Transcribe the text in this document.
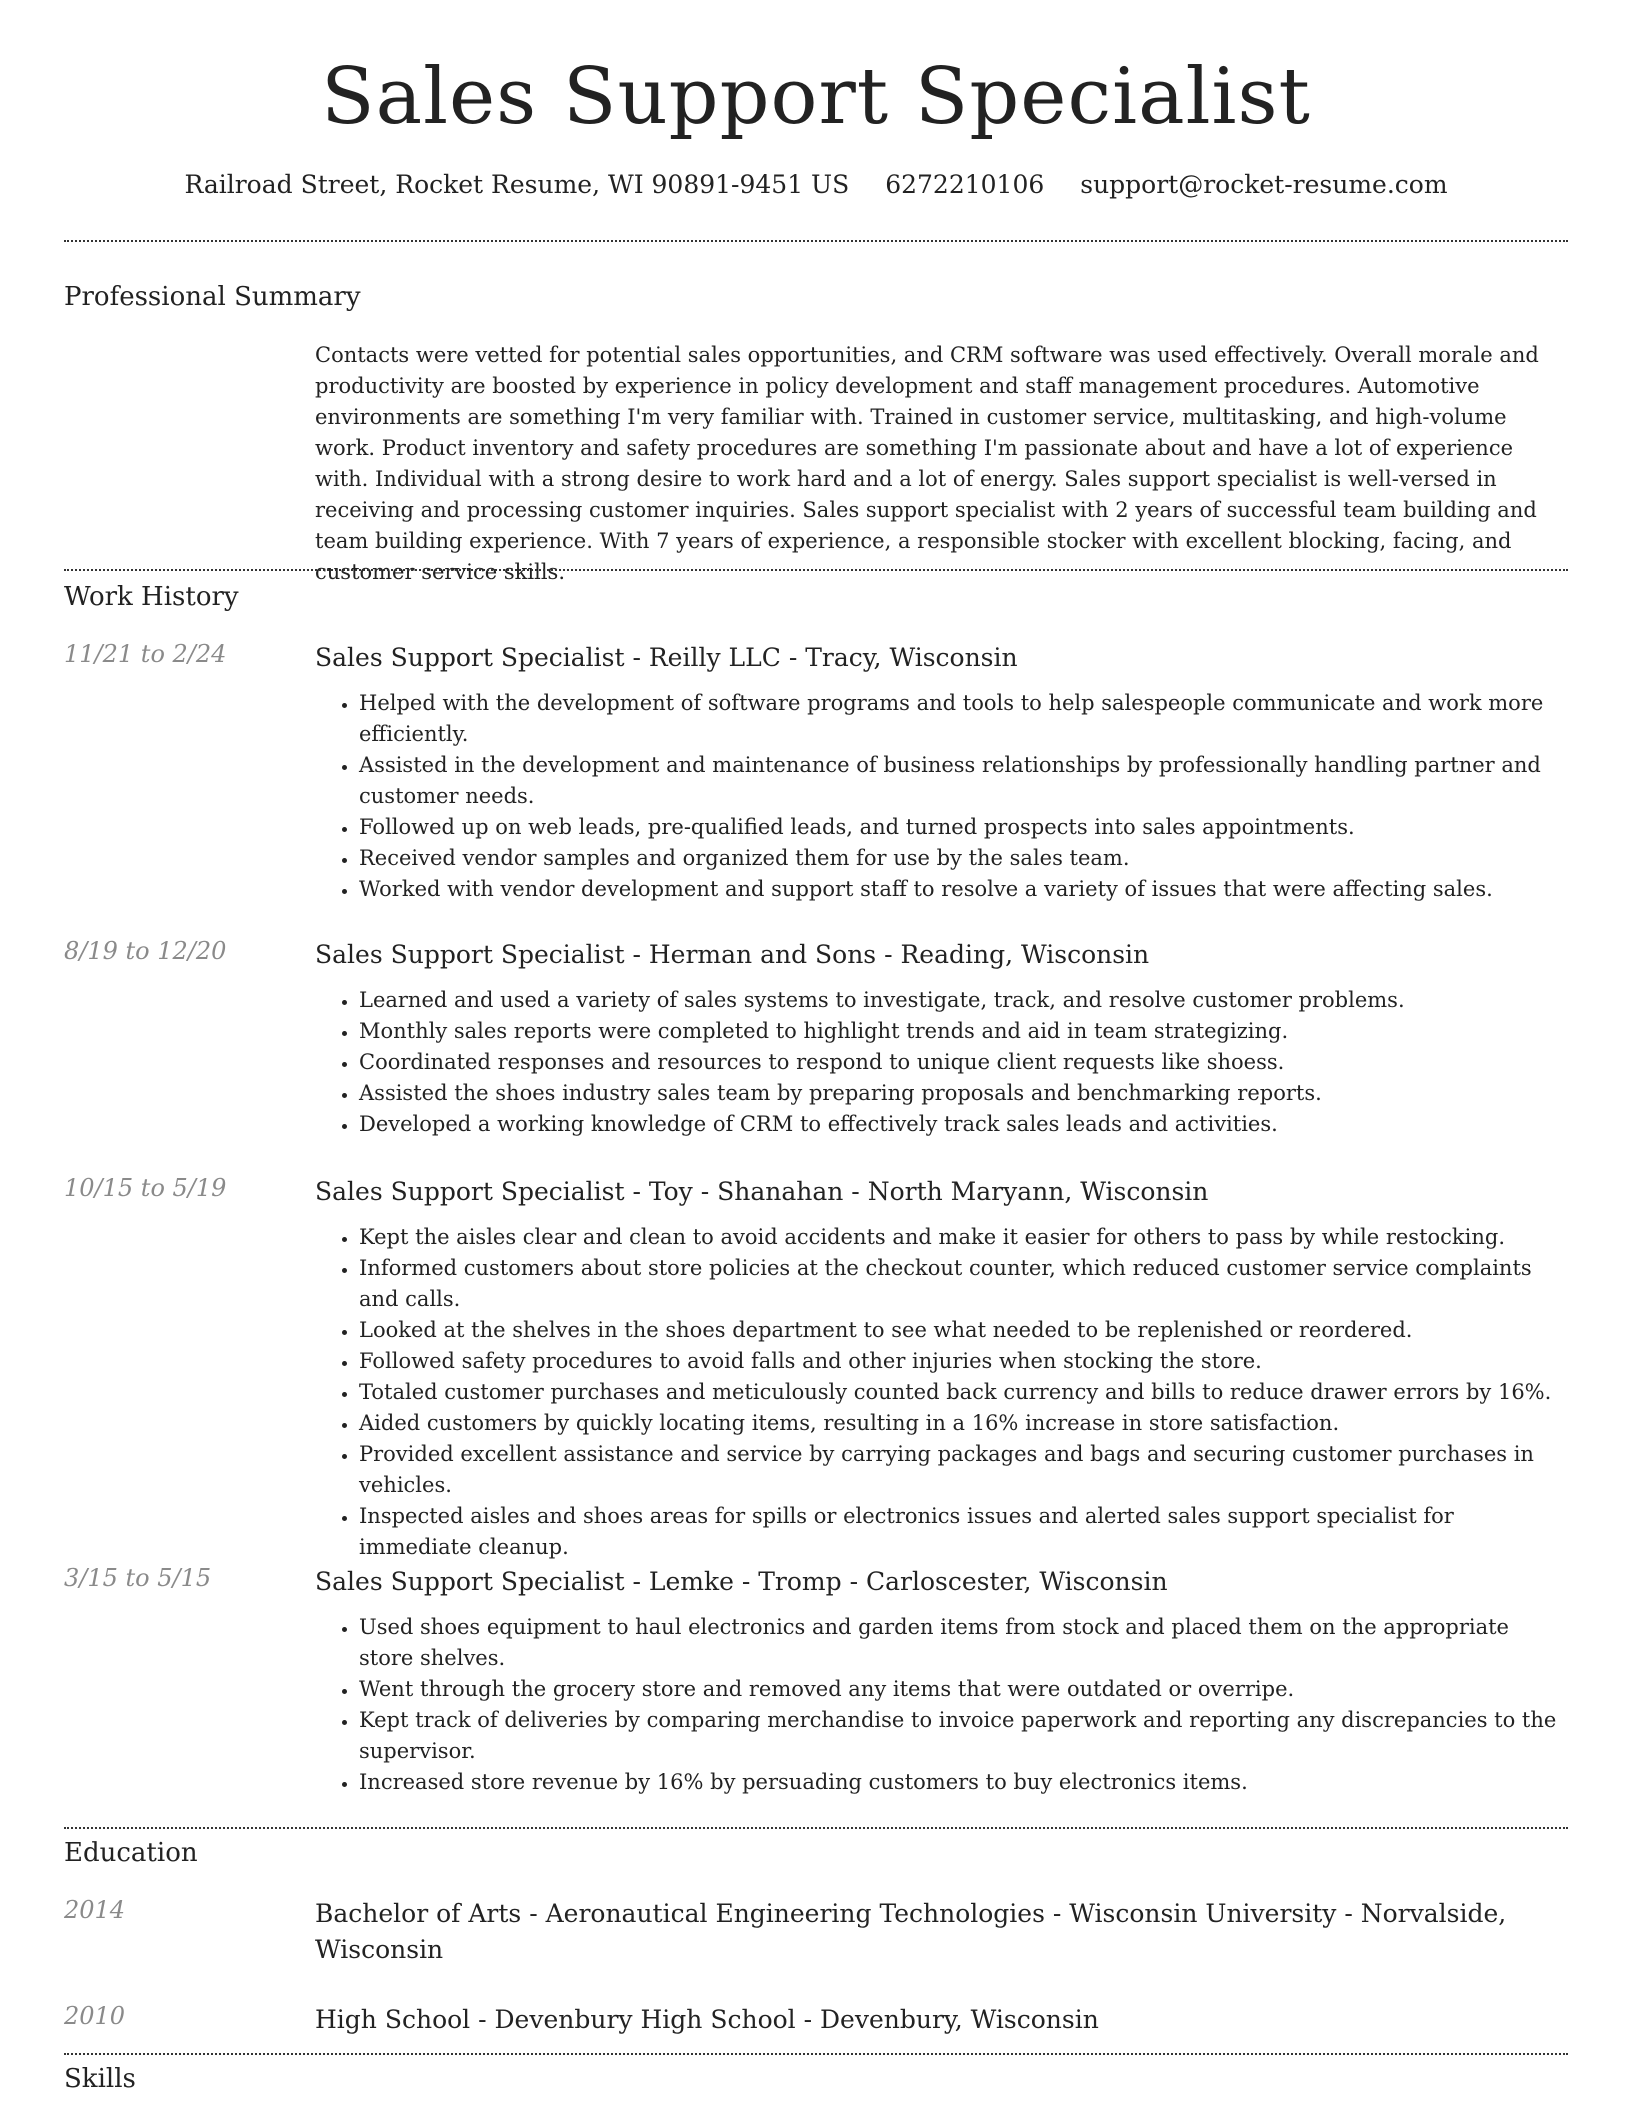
Sales Support Specialist
Railroad Street, Rocket Resume, WI 90891-9451 US 6272210106 support@rocket-resume.com
Professional Summary

Contacts were vetted for potential sales opportunities, and CRM software was used effectively. Overall morale and productivity are boosted by experience in policy development and staff management procedures. Automotive environments are something I'm very familiar with. Trained in customer service, multitasking, and high-volume work. Product inventory and safety procedures are something I'm passionate about and have a lot of experience with. Individual with a strong desire to work hard and a lot of energy. Sales support specialist is well-versed in receiving and processing customer inquiries. Sales support specialist with 2 years of successful team building and team building experience. With 7 years of experience, a responsible stocker with excellent blocking, facing, and customer service skills.

Work History
11/21 to 2/24	Sales Support Specialist - Reilly LLC - Tracy, Wisconsin
• Helped with the development of software programs and tools to help salespeople communicate and work more efficiently.
• Assisted in the development and maintenance of business relationships by professionally handling partner and customer needs.
• Followed up on web leads, pre-qualified leads, and turned prospects into sales appointments.
• Received vendor samples and organized them for use by the sales team.
• Worked with vendor development and support staff to resolve a variety of issues that were affecting sales.
8/19 to 12/20	Sales Support Specialist - Herman and Sons - Reading, Wisconsin
• Learned and used a variety of sales systems to investigate, track, and resolve customer problems.
• Monthly sales reports were completed to highlight trends and aid in team strategizing.
• Coordinated responses and resources to respond to unique client requests like shoess.
• Assisted the shoes industry sales team by preparing proposals and benchmarking reports.
• Developed a working knowledge of CRM to effectively track sales leads and activities.
10/15 to 5/19	Sales Support Specialist - Toy - Shanahan - North Maryann, Wisconsin
• Kept the aisles clear and clean to avoid accidents and make it easier for others to pass by while restocking.
• Informed customers about store policies at the checkout counter, which reduced customer service complaints and calls.
• Looked at the shelves in the shoes department to see what needed to be replenished or reordered.
• Followed safety procedures to avoid falls and other injuries when stocking the store.
• Totaled customer purchases and meticulously counted back currency and bills to reduce drawer errors by 16%.
• Aided customers by quickly locating items, resulting in a 16% increase in store satisfaction.
• Provided excellent assistance and service by carrying packages and bags and securing customer purchases in vehicles.
• Inspected aisles and shoes areas for spills or electronics issues and alerted sales support specialist for immediate cleanup.
3/15 to 5/15	Sales Support Specialist - Lemke - Tromp - Carloscester, Wisconsin
• Used shoes equipment to haul electronics and garden items from stock and placed them on the appropriate store shelves.
• Went through the grocery store and removed any items that were outdated or overripe.
• Kept track of deliveries by comparing merchandise to invoice paperwork and reporting any discrepancies to the supervisor.
• Increased store revenue by 16% by persuading customers to buy electronics items.
Education
2014	Bachelor of Arts - Aeronautical Engineering Technologies - Wisconsin University - Norvalside, Wisconsin
2010	High School - Devenbury High School - Devenbury, Wisconsin
Skills
